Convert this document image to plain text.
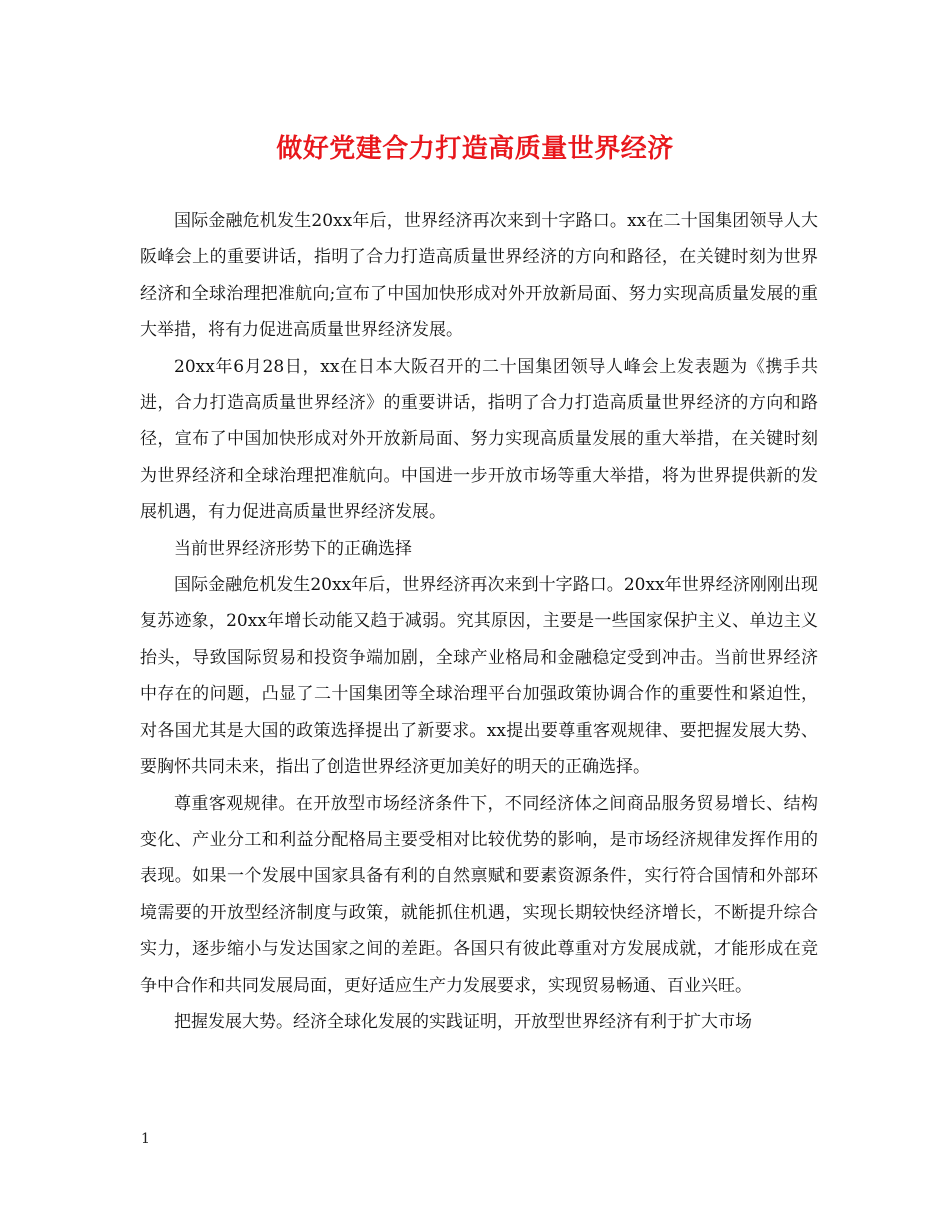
做好党建合力打造高质量世界经济

国际金融危机发生20xx年后，世界经济再次来到十字路口。xx在二十国集团领导人大阪峰会上的重要讲话，指明了合力打造高质量世界经济的方向和路径，在关键时刻为世界经济和全球治理把准航向;宣布了中国加快形成对外开放新局面、努力实现高质量发展的重大举措，将有力促进高质量世界经济发展。

20xx年6月28日，xx在日本大阪召开的二十国集团领导人峰会上发表题为《携手共进，合力打造高质量世界经济》的重要讲话，指明了合力打造高质量世界经济的方向和路径，宣布了中国加快形成对外开放新局面、努力实现高质量发展的重大举措，在关键时刻为世界经济和全球治理把准航向。中国进一步开放市场等重大举措，将为世界提供新的发展机遇，有力促进高质量世界经济发展。

当前世界经济形势下的正确选择

国际金融危机发生20xx年后，世界经济再次来到十字路口。20xx年世界经济刚刚出现复苏迹象，20xx年增长动能又趋于减弱。究其原因，主要是一些国家保护主义、单边主义抬头，导致国际贸易和投资争端加剧，全球产业格局和金融稳定受到冲击。当前世界经济中存在的问题，凸显了二十国集团等全球治理平台加强政策协调合作的重要性和紧迫性，对各国尤其是大国的政策选择提出了新要求。xx提出要尊重客观规律、要把握发展大势、要胸怀共同未来，指出了创造世界经济更加美好的明天的正确选择。

尊重客观规律。在开放型市场经济条件下，不同经济体之间商品服务贸易增长、结构变化、产业分工和利益分配格局主要受相对比较优势的影响，是市场经济规律发挥作用的表现。如果一个发展中国家具备有利的自然禀赋和要素资源条件，实行符合国情和外部环境需要的开放型经济制度与政策，就能抓住机遇，实现长期较快经济增长，不断提升综合实力，逐步缩小与发达国家之间的差距。各国只有彼此尊重对方发展成就，才能形成在竞争中合作和共同发展局面，更好适应生产力发展要求，实现贸易畅通、百业兴旺。

把握发展大势。经济全球化发展的实践证明，开放型世界经济有利于扩大市场

1
